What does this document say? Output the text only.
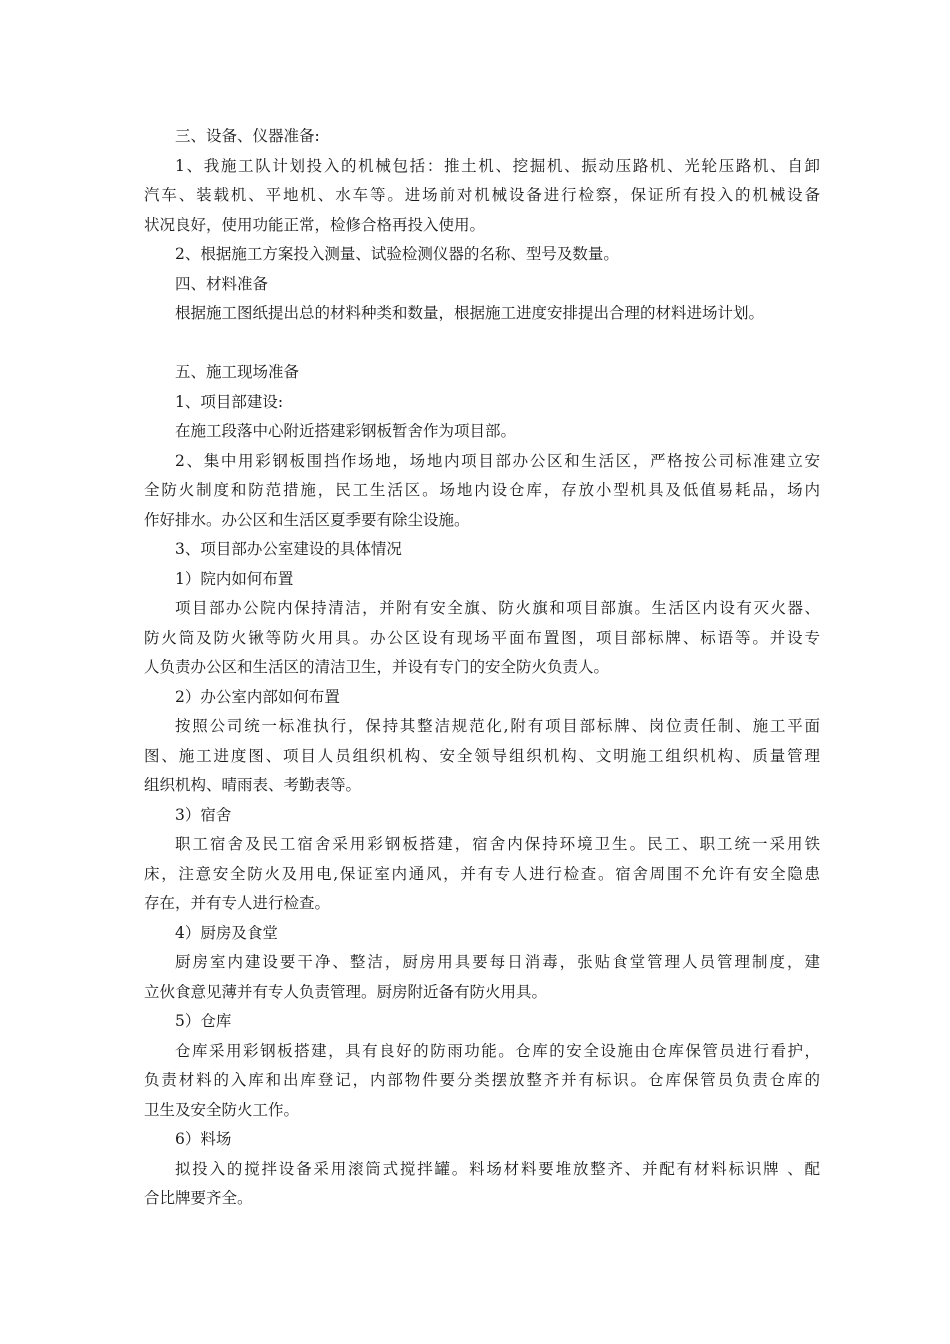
三、设备、仪器准备:
1、我施工队计划投入的机械包括：推土机、挖掘机、振动压路机、光轮压路机、自卸
汽车、装载机、平地机、水车等。进场前对机械设备进行检察，保证所有投入的机械设备
状况良好，使用功能正常，检修合格再投入使用。
2、根据施工方案投入测量、试验检测仪器的名称、型号及数量。
四、材料准备
根据施工图纸提出总的材料种类和数量，根据施工进度安排提出合理的材料进场计划。
五、施工现场准备
1、项目部建设:
在施工段落中心附近搭建彩钢板暂舍作为项目部。
2、集中用彩钢板围挡作场地，场地内项目部办公区和生活区，严格按公司标准建立安
全防火制度和防范措施，民工生活区。场地内设仓库，存放小型机具及低值易耗品，场内
作好排水。办公区和生活区夏季要有除尘设施。
3、项目部办公室建设的具体情况
1）院内如何布置
项目部办公院内保持清洁，并附有安全旗、防火旗和项目部旗。生活区内设有灭火器、
防火筒及防火锹等防火用具。办公区设有现场平面布置图，项目部标牌、标语等。并设专
人负责办公区和生活区的清洁卫生，并设有专门的安全防火负责人。
2）办公室内部如何布置
按照公司统一标准执行，保持其整洁规范化,附有项目部标牌、岗位责任制、施工平面
图、施工进度图、项目人员组织机构、安全领导组织机构、文明施工组织机构、质量管理
组织机构、晴雨表、考勤表等。
3）宿舍
职工宿舍及民工宿舍采用彩钢板搭建，宿舍内保持环境卫生。民工、职工统一采用铁
床，注意安全防火及用电,保证室内通风，并有专人进行检查。宿舍周围不允许有安全隐患
存在，并有专人进行检查。
4）厨房及食堂
厨房室内建设要干净、整洁，厨房用具要每日消毒，张贴食堂管理人员管理制度，建
立伙食意见薄并有专人负责管理。厨房附近备有防火用具。
5）仓库
仓库采用彩钢板搭建，具有良好的防雨功能。仓库的安全设施由仓库保管员进行看护，
负责材料的入库和出库登记，内部物件要分类摆放整齐并有标识。仓库保管员负责仓库的
卫生及安全防火工作。
6）料场
拟投入的搅拌设备采用滚筒式搅拌罐。料场材料要堆放整齐、并配有材料标识牌 、配
合比牌要齐全。
